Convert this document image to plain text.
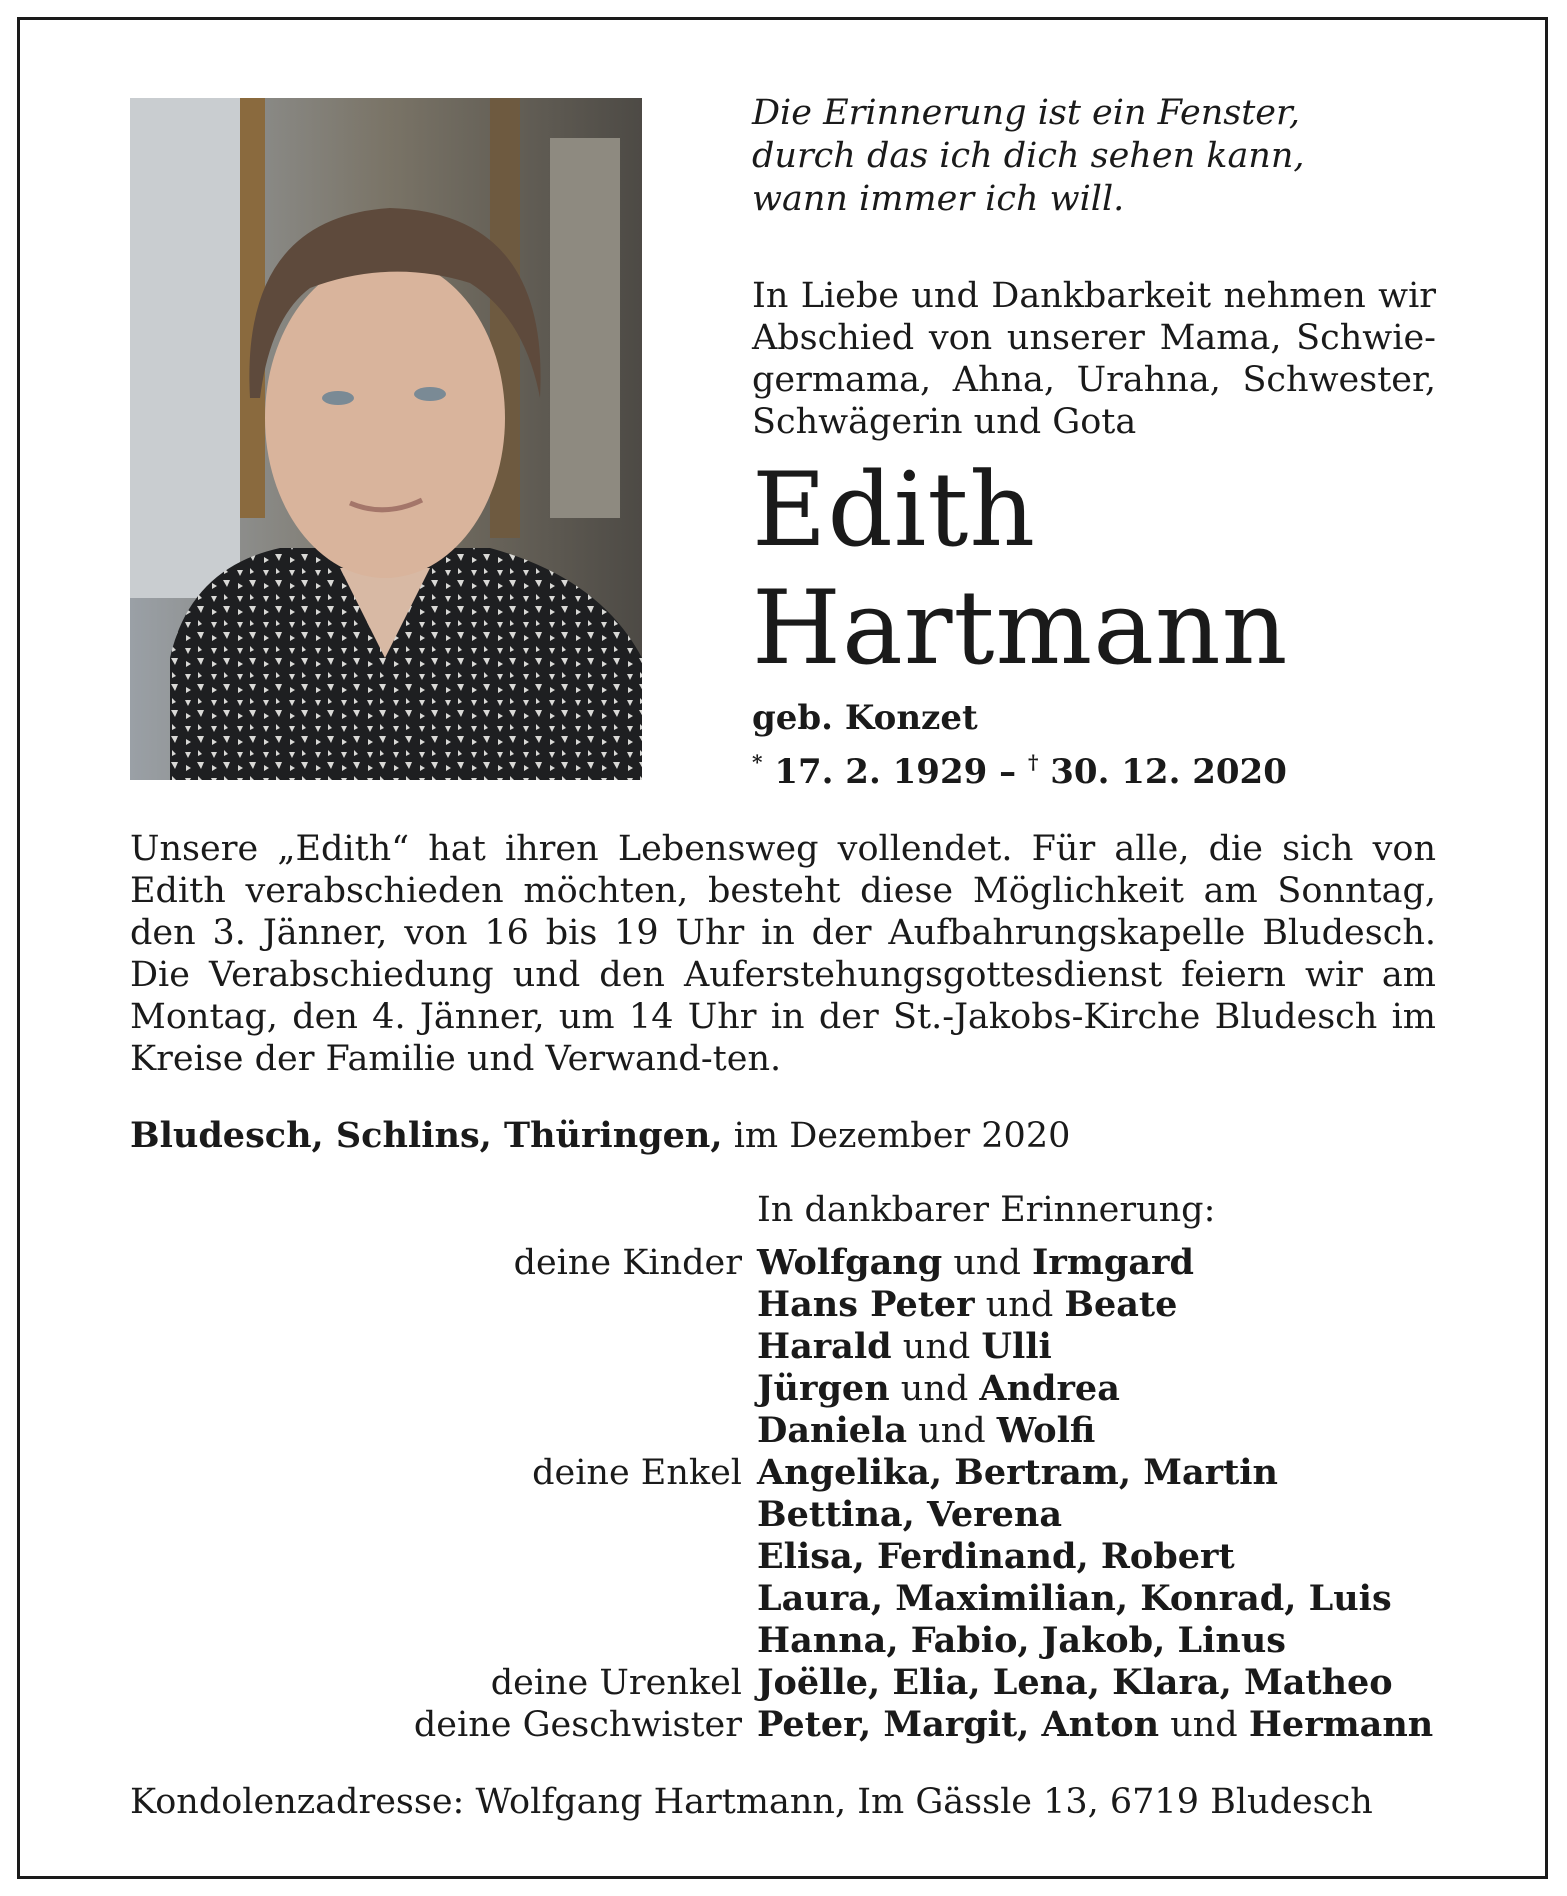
Die Erinnerung ist ein Fenster,
durch das ich dich sehen kann,
wann immer ich will.
In Liebe und Dankbarkeit nehmen wir Abschied von unserer Mama, Schwie-germama, Ahna, Urahna, Schwester, Schwägerin und Gota
Edith
Hartmann
geb. Konzet
* 17. 2. 1929 – † 30. 12. 2020
Unsere „Edith“ hat ihren Lebensweg vollendet. Für alle, die sich von Edith verabschieden möchten, besteht diese Möglichkeit am Sonntag, den 3. Jänner, von 16 bis 19 Uhr in der Aufbahrungskapelle Bludesch. Die Verabschiedung und den Auferstehungsgottesdienst feiern wir am Montag, den 4. Jänner, um 14 Uhr in der St.-Jakobs-Kirche Bludesch im Kreise der Familie und Verwand-ten.
Bludesch, Schlins, Thüringen, im Dezember 2020
In dankbarer Erinnerung:
deine Kinder	Wolfgang und Irmgard
	Hans Peter und Beate
	Harald und Ulli
	Jürgen und Andrea
	Daniela und Wolfi
deine Enkel	Angelika, Bertram, Martin
	Bettina, Verena
	Elisa, Ferdinand, Robert
	Laura, Maximilian, Konrad, Luis
	Hanna, Fabio, Jakob, Linus
deine Urenkel	Joëlle, Elia, Lena, Klara, Matheo
deine Geschwister	Peter, Margit, Anton und Hermann
Kondolenzadresse: Wolfgang Hartmann, Im Gässle 13, 6719 Bludesch
